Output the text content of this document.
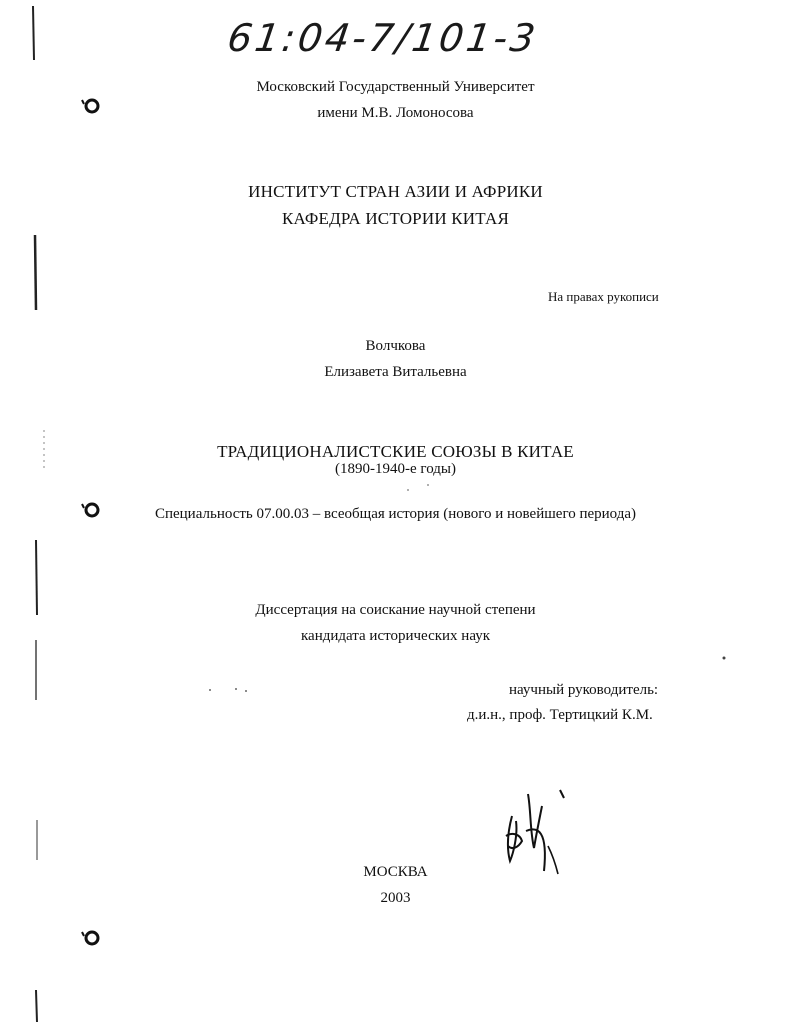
61:04-7/101-3
Московский Государственный Университет
имени М.В. Ломоносова
ИНСТИТУТ СТРАН АЗИИ И АФРИКИ
КАФЕДРА ИСТОРИИ КИТАЯ
На правах рукописи
Волчкова
Елизавета Витальевна
ТРАДИЦИОНАЛИСТСКИЕ СОЮЗЫ В КИТАЕ
(1890-1940-е годы)
Специальность 07.00.03 – всеобщая история (нового и новейшего периода)
Диссертация на соискание научной степени
кандидата исторических наук
научный руководитель:
д.и.н., проф. Тертицкий К.М.
МОСКВА
2003
